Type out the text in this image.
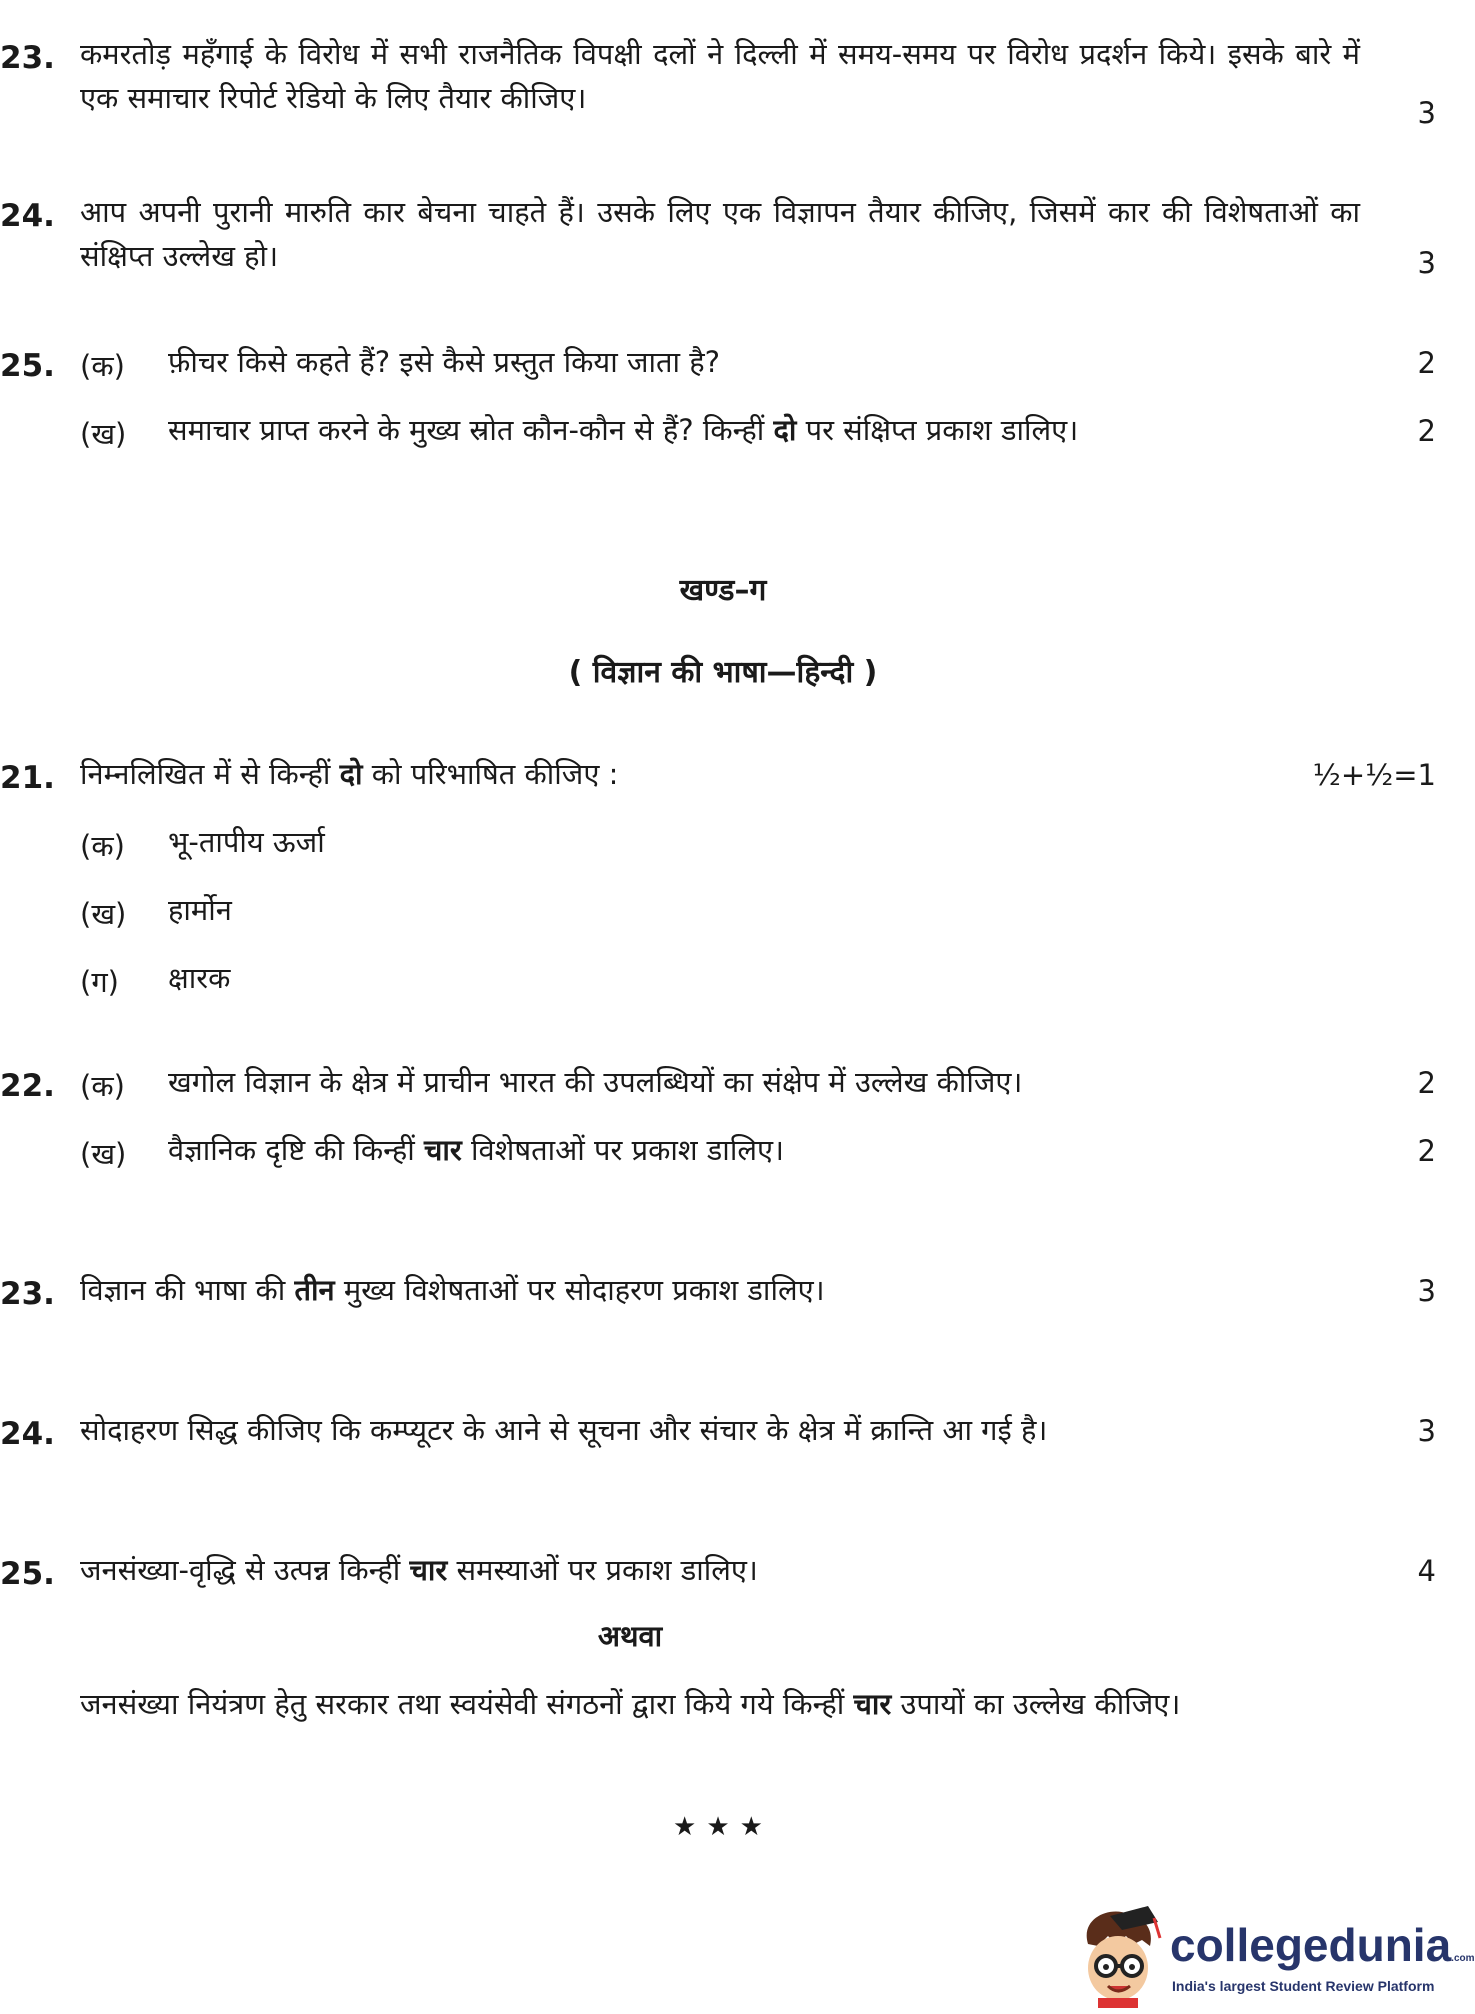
23. कमरतोड़ महँगाई के विरोध में सभी राजनैतिक विपक्षी दलों ने दिल्ली में समय-समय पर विरोध प्रदर्शन किये। इसके बारे में एक समाचार रिपोर्ट रेडियो के लिए तैयार कीजिए।	3
24. आप अपनी पुरानी मारुति कार बेचना चाहते हैं। उसके लिए एक विज्ञापन तैयार कीजिए, जिसमें कार की विशेषताओं का संक्षिप्त उल्लेख हो।	3
25. (क) फ़ीचर किसे कहते हैं? इसे कैसे प्रस्तुत किया जाता है?	2
(ख) समाचार प्राप्त करने के मुख्य स्रोत कौन-कौन से हैं? किन्हीं दो पर संक्षिप्त प्रकाश डालिए।	2
खण्ड–ग
( विज्ञान की भाषा—हिन्दी )
21. निम्नलिखित में से किन्हीं दो को परिभाषित कीजिए :	½+½=1
(क) भू-तापीय ऊर्जा
(ख) हार्मोन
(ग) क्षारक
22. (क) खगोल विज्ञान के क्षेत्र में प्राचीन भारत की उपलब्धियों का संक्षेप में उल्लेख कीजिए।	2
(ख) वैज्ञानिक दृष्टि की किन्हीं चार विशेषताओं पर प्रकाश डालिए।	2
23. विज्ञान की भाषा की तीन मुख्य विशेषताओं पर सोदाहरण प्रकाश डालिए।	3
24. सोदाहरण सिद्ध कीजिए कि कम्प्यूटर के आने से सूचना और संचार के क्षेत्र में क्रान्ति आ गई है।	3
25. जनसंख्या-वृद्धि से उत्पन्न किन्हीं चार समस्याओं पर प्रकाश डालिए।	4
अथवा
जनसंख्या नियंत्रण हेतु सरकार तथा स्वयंसेवी संगठनों द्वारा किये गये किन्हीं चार उपायों का उल्लेख कीजिए।
★★★
collegedunia.com
India's largest Student Review Platform
